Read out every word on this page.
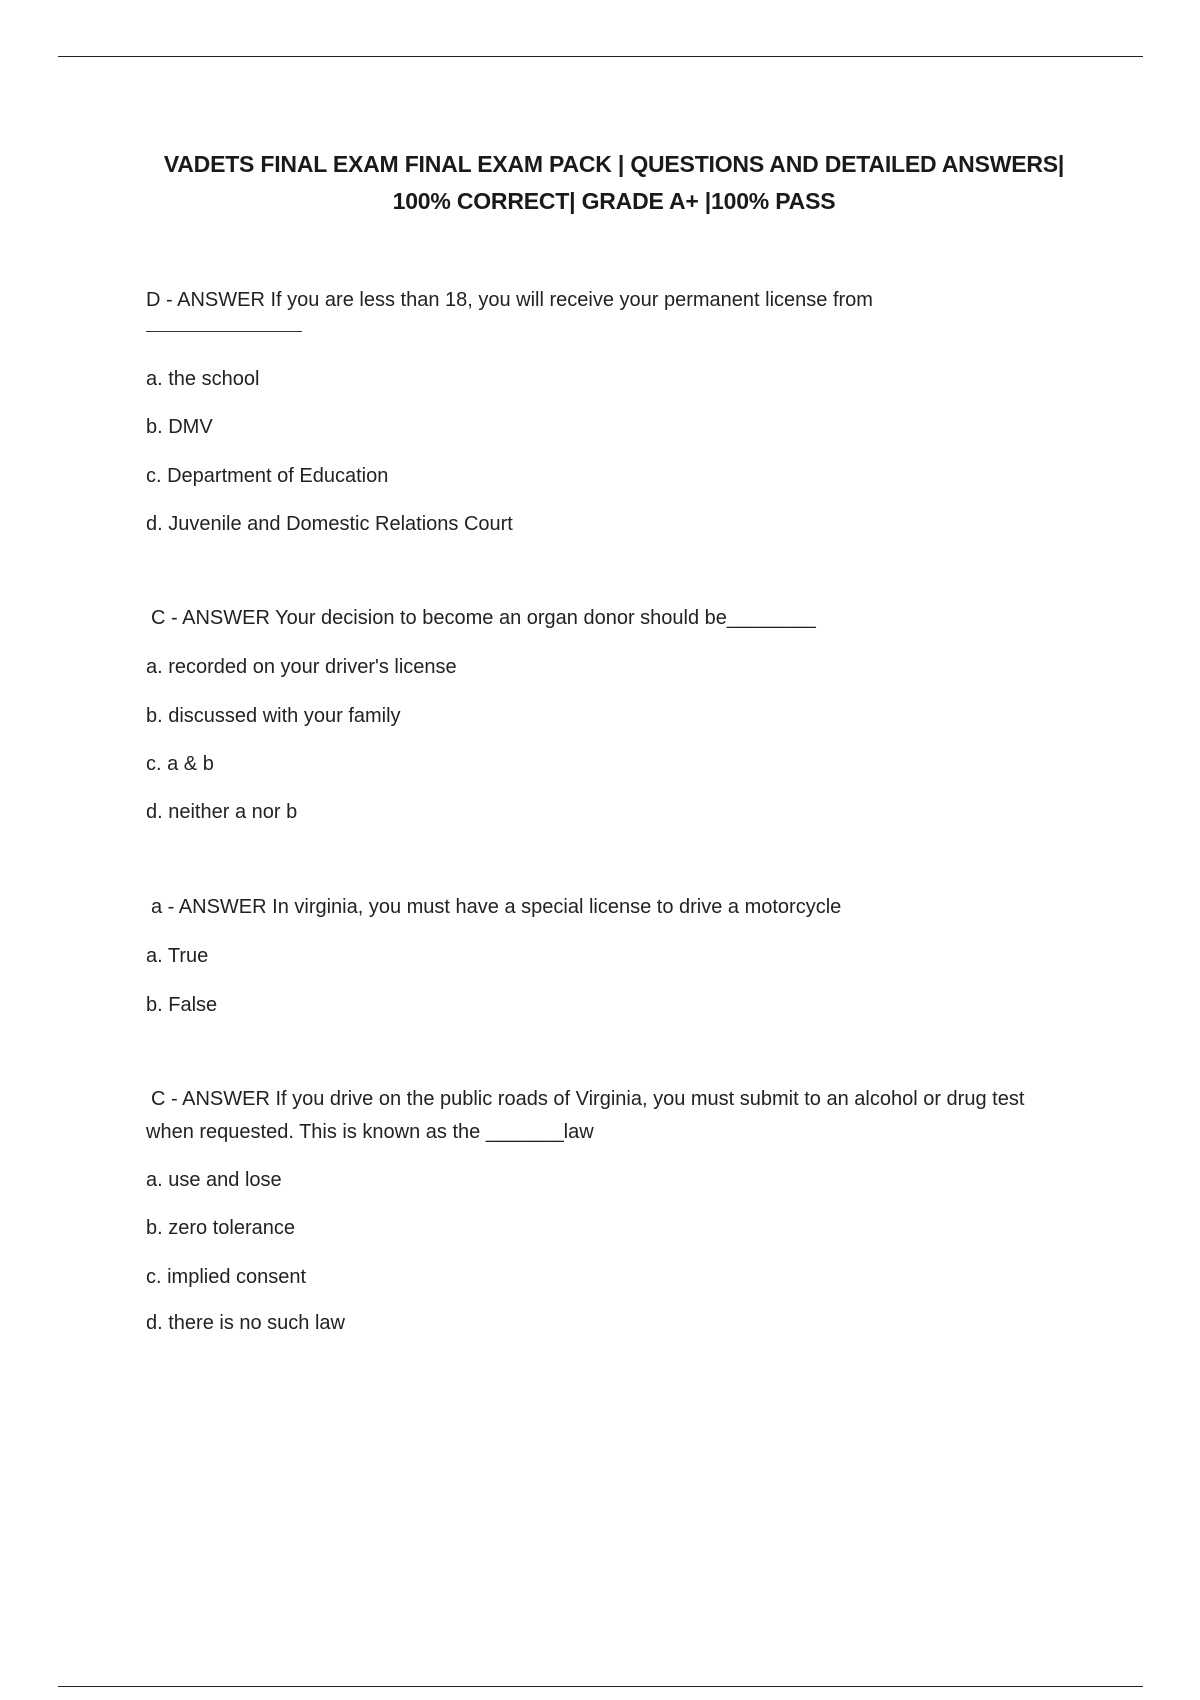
VADETS FINAL EXAM FINAL EXAM PACK | QUESTIONS AND DETAILED ANSWERS|
100% CORRECT| GRADE A+ |100% PASS

D - ANSWER If you are less than 18, you will receive your permanent license from

a. the school
b. DMV
c. Department of Education
d. Juvenile and Domestic Relations Court

C - ANSWER Your decision to become an organ donor should be________

a. recorded on your driver's license
b. discussed with your family
c. a & b
d. neither a nor b

a - ANSWER In virginia, you must have a special license to drive a motorcycle

a. True
b. False

C - ANSWER If you drive on the public roads of Virginia, you must submit to an alcohol or drug test when requested. This is known as the _______law

a. use and lose
b. zero tolerance
c. implied consent
d. there is no such law
